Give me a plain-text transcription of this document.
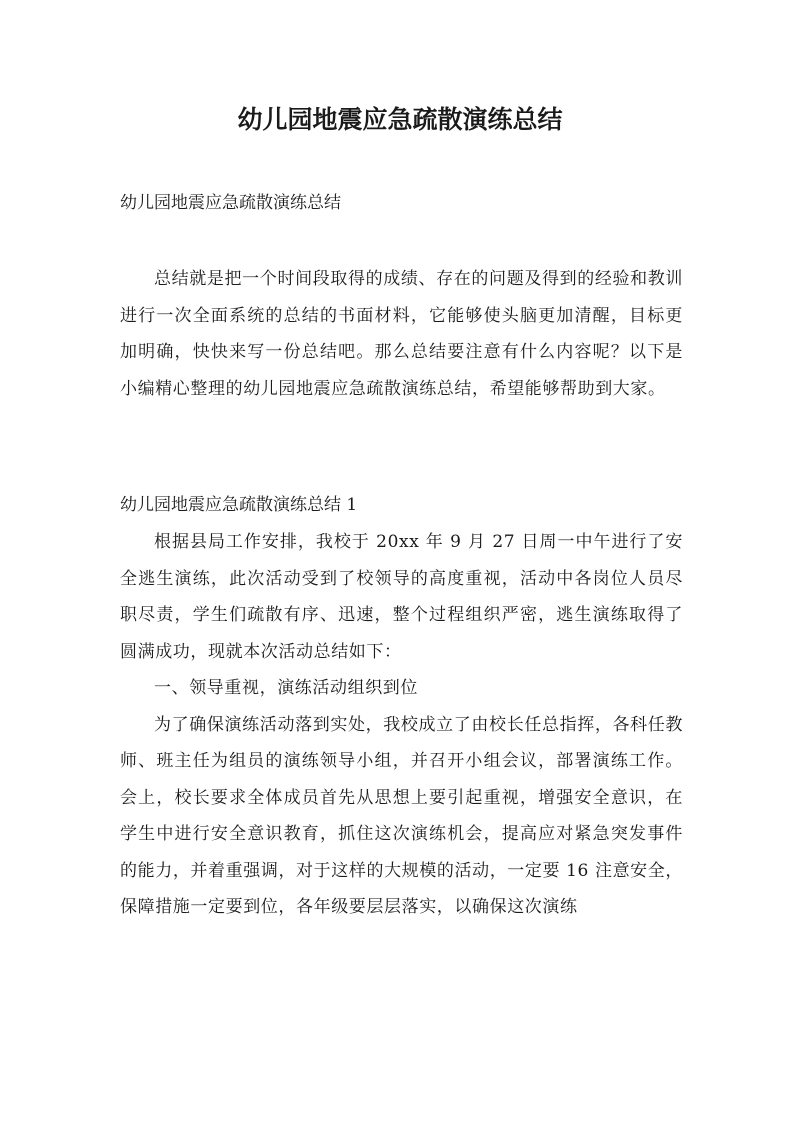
幼儿园地震应急疏散演练总结

幼儿园地震应急疏散演练总结

总结就是把一个时间段取得的成绩、存在的问题及得到的经验和教训进行一次全面系统的总结的书面材料，它能够使头脑更加清醒，目标更加明确，快快来写一份总结吧。那么总结要注意有什么内容呢？以下是小编精心整理的幼儿园地震应急疏散演练总结，希望能够帮助到大家。

幼儿园地震应急疏散演练总结 1

根据县局工作安排，我校于 20xx 年 9 月 27 日周一中午进行了安全逃生演练，此次活动受到了校领导的高度重视，活动中各岗位人员尽职尽责，学生们疏散有序、迅速，整个过程组织严密，逃生演练取得了圆满成功，现就本次活动总结如下：

一、领导重视，演练活动组织到位

为了确保演练活动落到实处，我校成立了由校长任总指挥，各科任教师、班主任为组员的演练领导小组，并召开小组会议，部署演练工作。会上，校长要求全体成员首先从思想上要引起重视，增强安全意识，在学生中进行安全意识教育，抓住这次演练机会，提高应对紧急突发事件的能力，并着重强调，对于这样的大规模的活动，一定要 16 注意安全，保障措施一定要到位，各年级要层层落实，以确保这次演练
